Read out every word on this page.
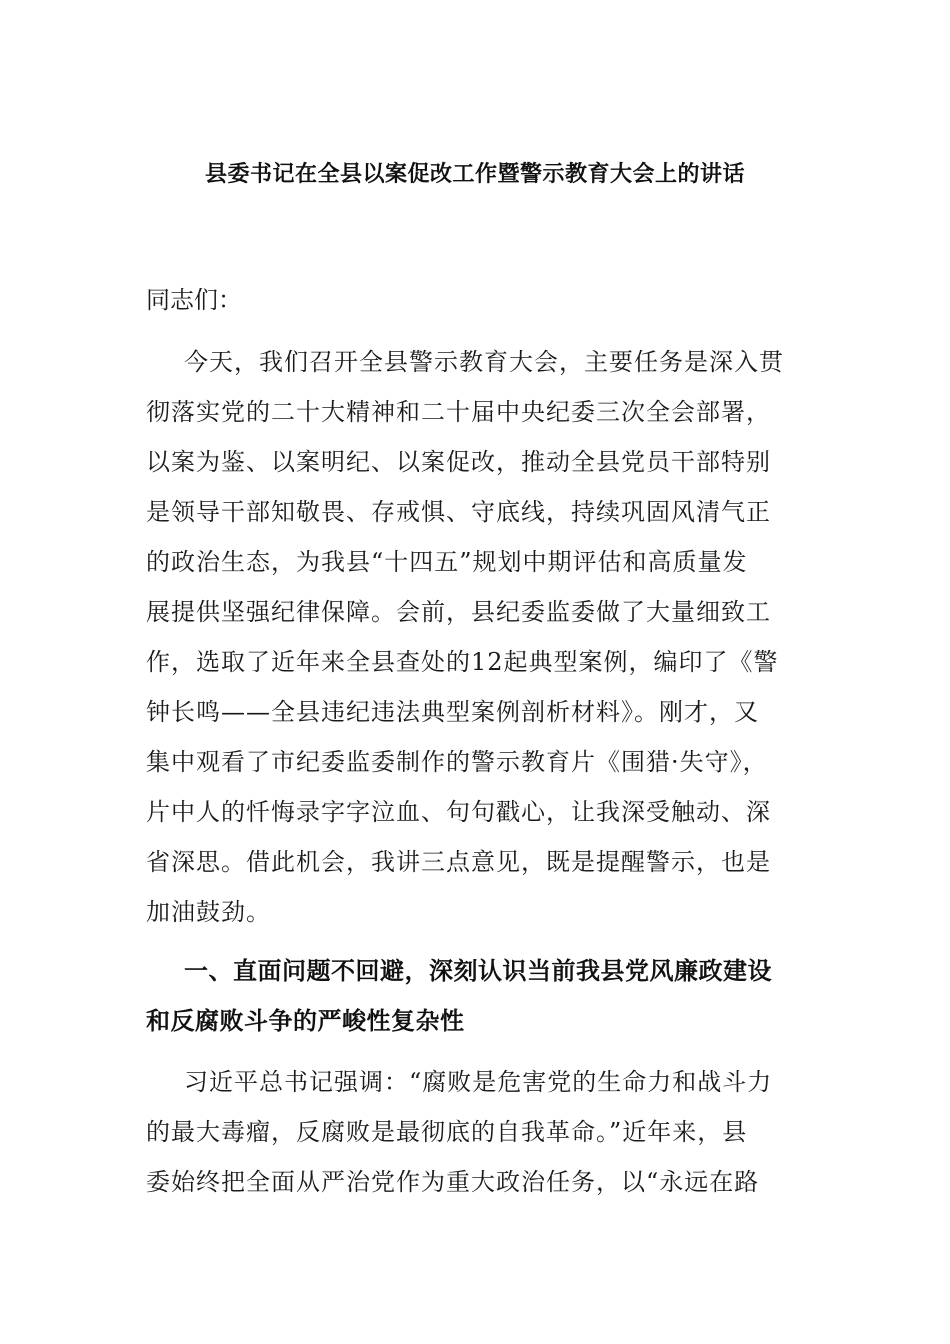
县委书记在全县以案促改工作暨警示教育大会上的讲话
同志们：
今天，我们召开全县警示教育大会，主要任务是深入贯
彻落实党的二十大精神和二十届中央纪委三次全会部署，
以案为鉴、以案明纪、以案促改，推动全县党员干部特别
是领导干部知敬畏、存戒惧、守底线，持续巩固风清气正
的政治生态，为我县“十四五”规划中期评估和高质量发
展提供坚强纪律保障。会前，县纪委监委做了大量细致工
作，选取了近年来全县查处的12起典型案例，编印了《警
钟长鸣——全县违纪违法典型案例剖析材料》。刚才，又
集中观看了市纪委监委制作的警示教育片《围猎·失守》，
片中人的忏悔录字字泣血、句句戳心，让我深受触动、深
省深思。借此机会，我讲三点意见，既是提醒警示，也是
加油鼓劲。
一、直面问题不回避，深刻认识当前我县党风廉政建设
和反腐败斗争的严峻性复杂性
习近平总书记强调：“腐败是危害党的生命力和战斗力
的最大毒瘤，反腐败是最彻底的自我革命。”近年来，县
委始终把全面从严治党作为重大政治任务，以“永远在路
